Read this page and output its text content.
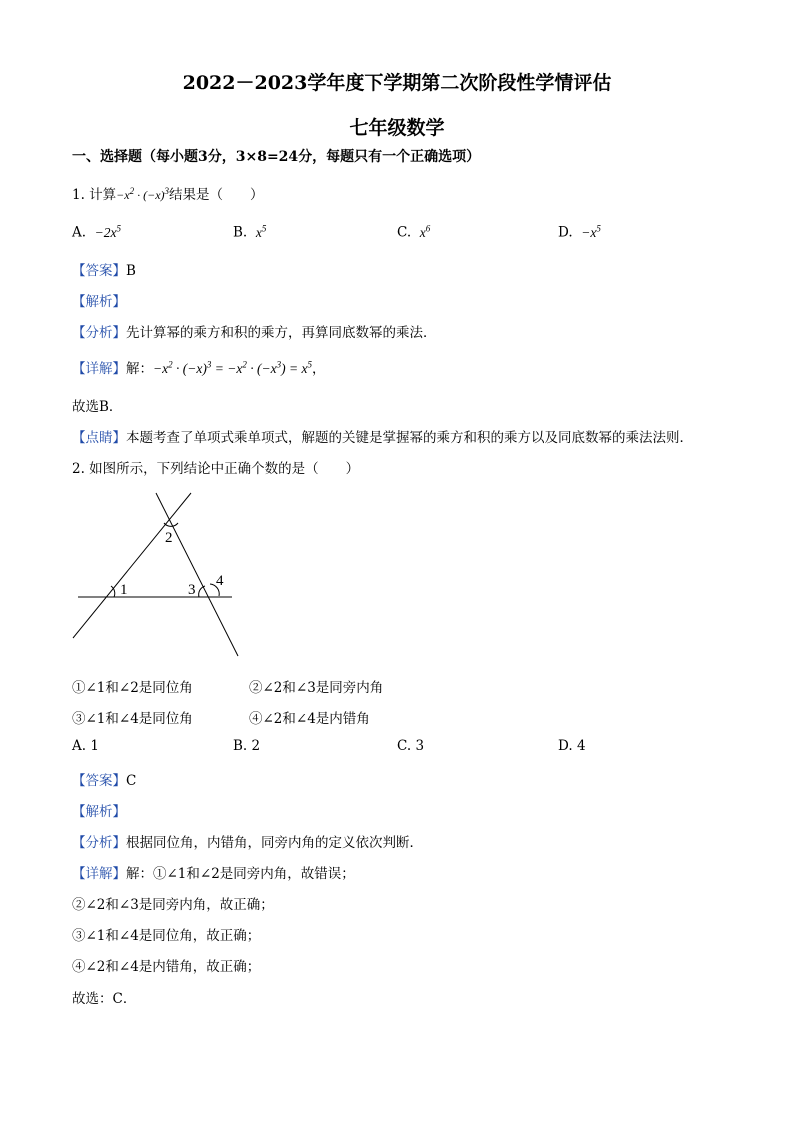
2022－2023学年度下学期第二次阶段性学情评估
七年级数学
一、选择题（每小题3分，3×8=24分，每题只有一个正确选项）
1. 计算$-x^2 \cdot (-x)^3$结果是（　　）
A. $-2x^5$	B. $x^5$	C. $x^6$	D. $-x^5$
【答案】B
【解析】
【分析】先计算幂的乘方和积的乘方，再算同底数幂的乘法．
【详解】解：$-x^2 \cdot (-x)^3 = -x^2 \cdot (-x^3) = x^5$，
故选B．
【点睛】本题考查了单项式乘单项式，解题的关键是掌握幂的乘方和积的乘方以及同底数幂的乘法法则．
2. 如图所示，下列结论中正确个数的是（　　）
1
2
3
4
①∠1和∠2是同位角	②∠2和∠3是同旁内角
③∠1和∠4是同位角	④∠2和∠4是内错角
A. 1	B. 2	C. 3	D. 4
【答案】C
【解析】
【分析】根据同位角，内错角，同旁内角的定义依次判断．
【详解】解：①∠1和∠2是同旁内角，故错误；
②∠2和∠3是同旁内角，故正确；
③∠1和∠4是同位角，故正确；
④∠2和∠4是内错角，故正确；
故选：C．
